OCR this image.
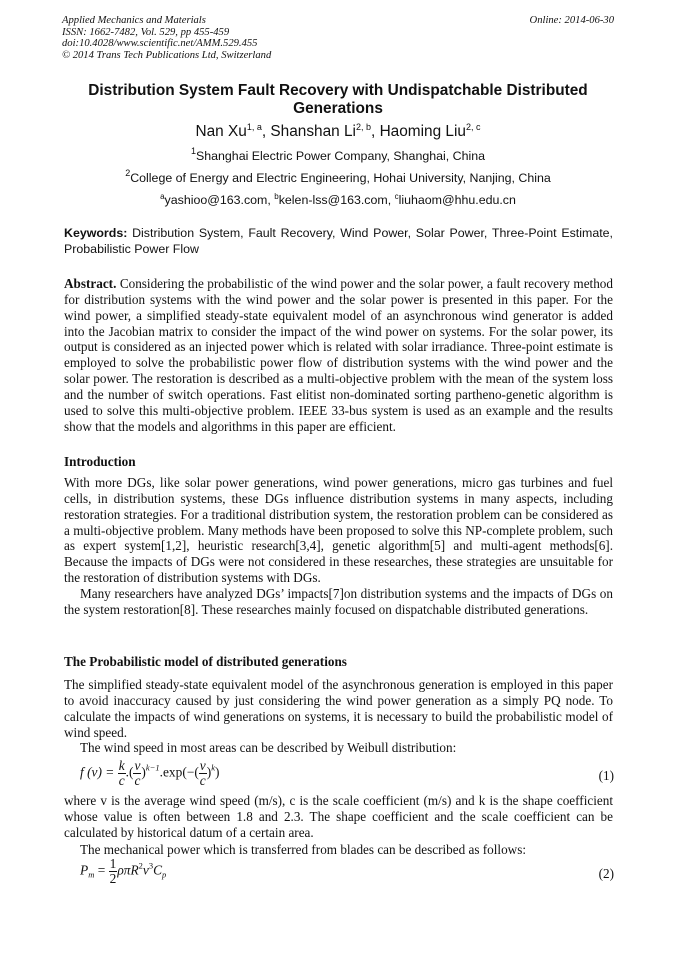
Applied Mechanics and Materials
ISSN: 1662-7482, Vol. 529, pp 455-459
doi:10.4028/www.scientific.net/AMM.529.455
© 2014 Trans Tech Publications Ltd, Switzerland
Online: 2014-06-30
Distribution System Fault Recovery with Undispatchable Distributed Generations
Nan Xu$^{1, a}$, Shanshan Li$^{2, b}$, Haoming Liu$^{2, c}$
$^1$Shanghai Electric Power Company, Shanghai, China
$^2$College of Energy and Electric Engineering, Hohai University, Nanjing, China
$^a$yashioo@163.com, $^b$kelen-lss@163.com, $^c$liuhaom@hhu.edu.cn
Keywords: Distribution System, Fault Recovery, Wind Power, Solar Power, Three-Point Estimate, Probabilistic Power Flow

Abstract. Considering the probabilistic of the wind power and the solar power, a fault recovery method for distribution systems with the wind power and the solar power is presented in this paper. For the wind power, a simplified steady-state equivalent model of an asynchronous wind generator is added into the Jacobian matrix to consider the impact of the wind power on systems. For the solar power, its output is considered as an injected power which is related with solar irradiance. Three-point estimate is employed to solve the probabilistic power flow of distribution systems with the wind power and the solar power. The restoration is described as a multi-objective problem with the mean of the system loss and the number of switch operations. Fast elitist non-dominated sorting partheno-genetic algorithm is used to solve this multi-objective problem. IEEE 33-bus system is used as an example and the results show that the models and algorithms in this paper are efficient.

Introduction

With more DGs, like solar power generations, wind power generations, micro gas turbines and fuel cells, in distribution systems, these DGs influence distribution systems in many aspects, including restoration strategies. For a traditional distribution system, the restoration problem can be considered as a multi-objective problem. Many methods have been proposed to solve this NP-complete problem, such as expert system[1,2], heuristic research[3,4], genetic algorithm[5] and multi-agent methods[6]. Because the impacts of DGs were not considered in these researches, these strategies are unsuitable for the restoration of distribution systems with DGs.

Many researchers have analyzed DGs’ impacts[7]on distribution systems and the impacts of DGs on the system restoration[8]. These researches mainly focused on dispatchable distributed generations.

The Probabilistic model of distributed generations

The simplified steady-state equivalent model of the asynchronous generation is employed in this paper to avoid inaccuracy caused by just considering the wind power generation as a simply PQ node. To calculate the impacts of wind generations on systems, it is necessary to build the probabilistic model of wind speed.

The wind speed in most areas can be described by Weibull distribution:

f $(v) = \frac{k}{c}$ .( $\frac{v}{c} )^{k-1}.\exp(-( \frac{v}{c} )^k)$	(1)

where v is the average wind speed (m/s), c is the scale coefficient (m/s) and k is the shape coefficient whose value is often between 1.8 and 2.3. The shape coefficient and the scale coefficient can be calculated by historical datum of a certain area.

The mechanical power which is transferred from blades can be described as follows:

$P_m = \frac{1}{2} \rho\pi R^2v^3C_p$	(2)
